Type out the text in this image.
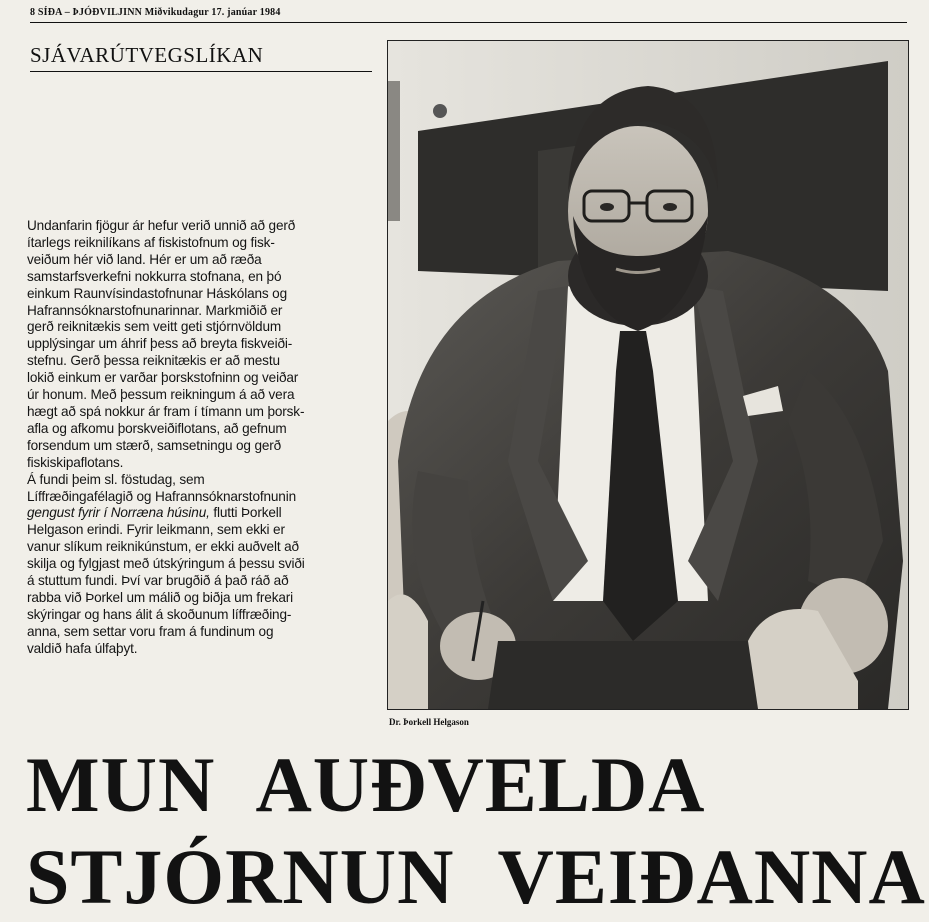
8 SÍÐA – ÞJÓÐVILJINN Miðvikudagur 17. janúar 1984
SJÁVARÚTVEGSLÍKAN
Undanfarin fjögur ár hefur verið unnið að gerð
ítarlegs reiknilíkans af fiskistofnum og fisk-
veiðum hér við land. Hér er um að ræða
samstarfsverkefni nokkurra stofnana, en þó
einkum Raunvísindastofnunar Háskólans og
Hafrannsóknarstofnunarinnar. Markmiðið er
gerð reiknitækis sem veitt geti stjórnvöldum
upplýsingar um áhrif þess að breyta fiskveiði-
stefnu. Gerð þessa reiknitækis er að mestu
lokið einkum er varðar þorskstofninn og veiðar
úr honum. Með þessum reikningum á að vera
hægt að spá nokkur ár fram í tímann um þorsk-
afla og afkomu þorskveiðiflotans, að gefnum
forsendum um stærð, samsetningu og gerð
fiskiskipaflotans.
Á fundi þeim sl. föstudag, sem
Líffræðingafélagið og Hafrannsóknarstofnunin
gengust fyrir í Norræna húsinu, flutti Þorkell
Helgason erindi. Fyrir leikmann, sem ekki er
vanur slíkum reiknikúnstum, er ekki auðvelt að
skilja og fylgjast með útskýringum á þessu sviði
á stuttum fundi. Því var brugðið á það ráð að
rabba við Þorkel um málið og biðja um frekari
skýringar og hans álit á skoðunum líffræðing-
anna, sem settar voru fram á fundinum og
valdið hafa úlfaþyt.
Dr. Þorkell Helgason
MUN AUÐVELDA
STJÓRNUN VEIÐANNA
